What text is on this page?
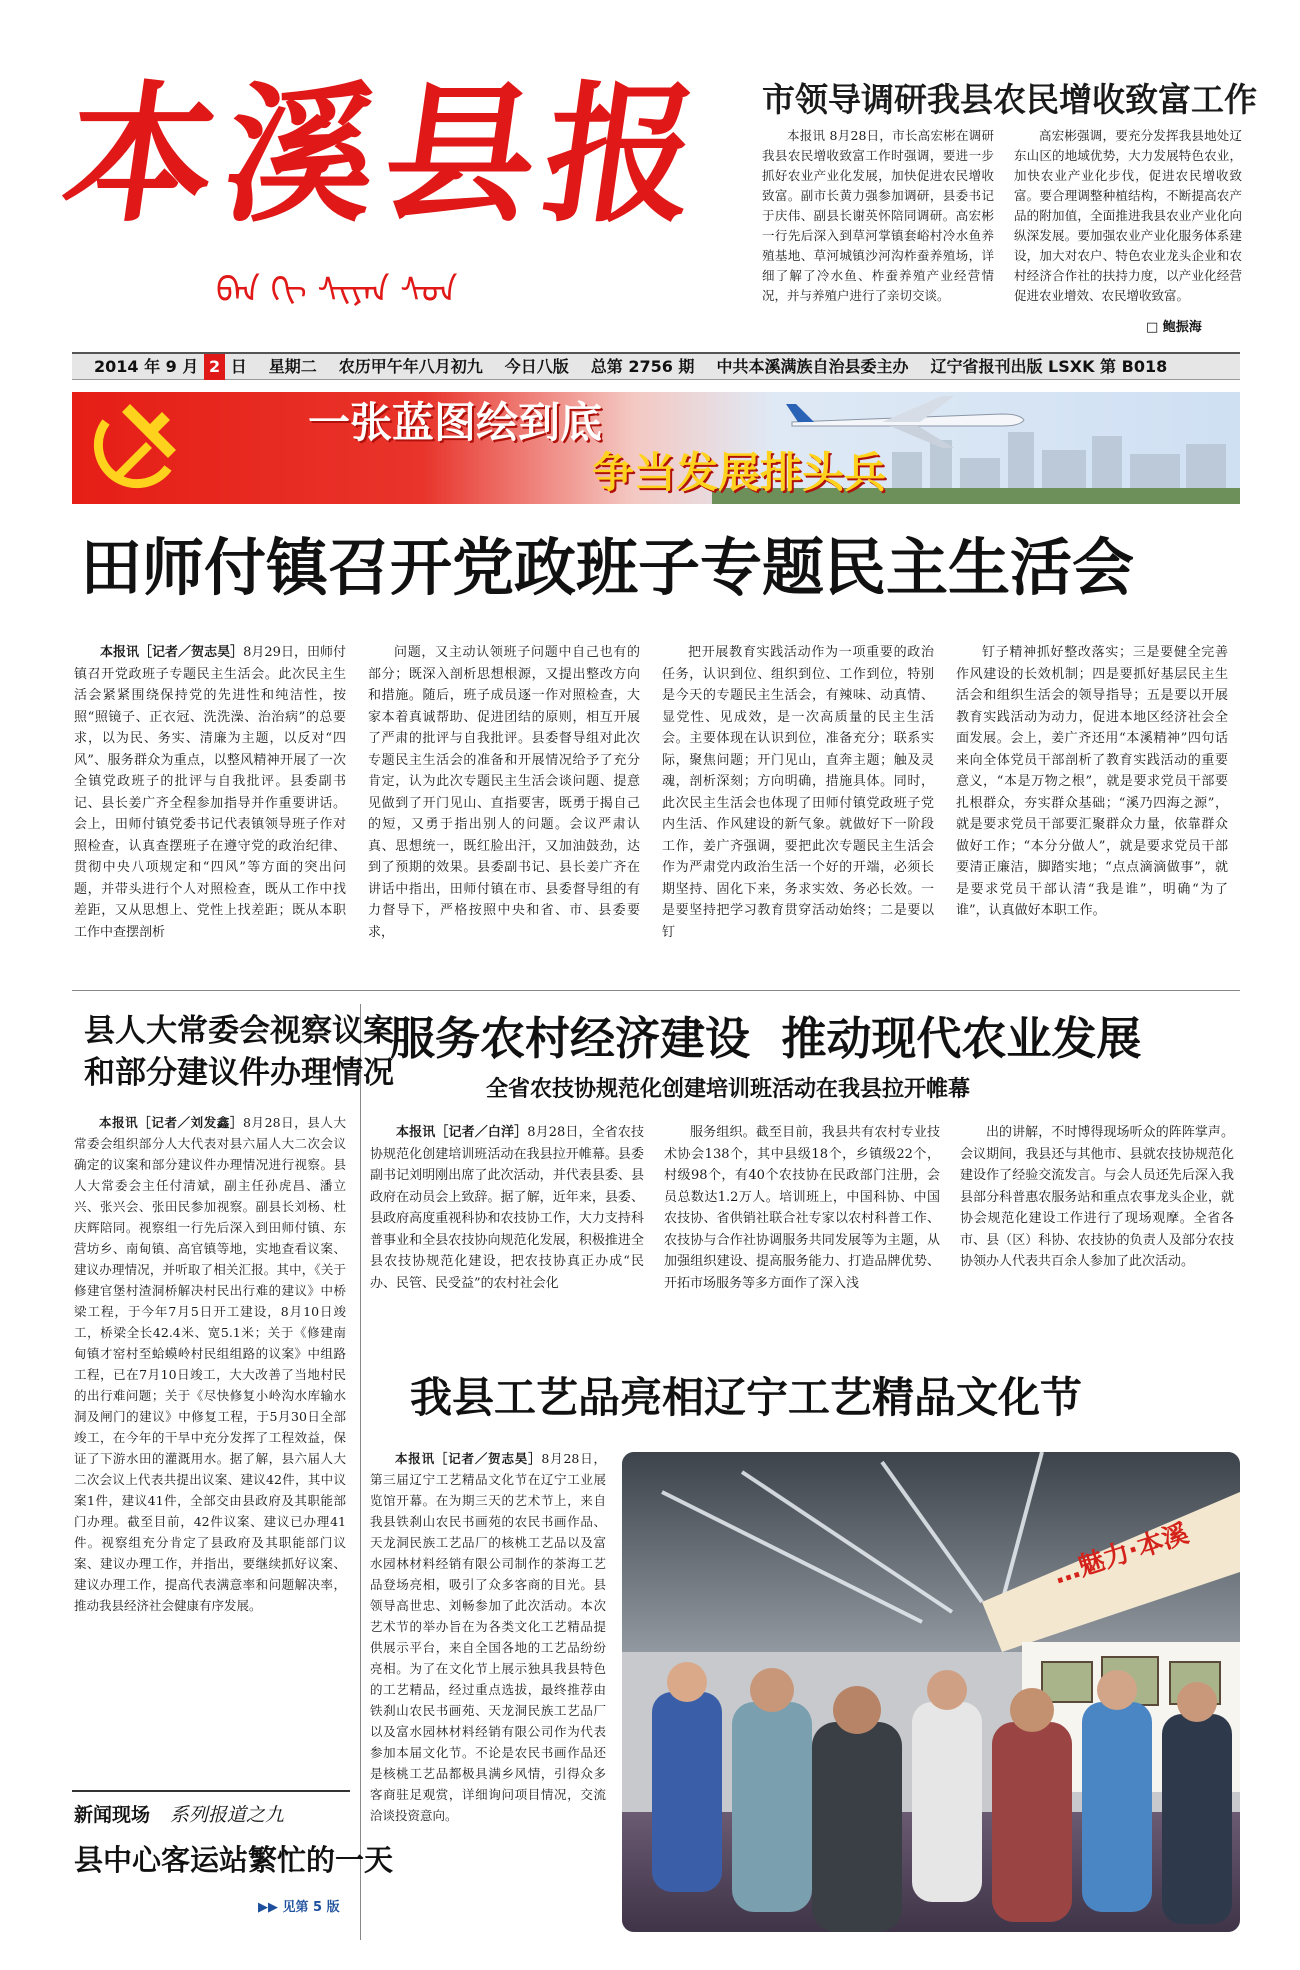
本溪县报
ᠪᠡᠨ ᠬᠢ ᠰᠢᠶᠠᠨ ᠰᠣᠨ
市领导调研我县农民增收致富工作

本报讯 8月28日，市长高宏彬在调研我县农民增收致富工作时强调，要进一步抓好农业产业化发展，加快促进农民增收致富。副市长黄力强参加调研，县委书记于庆伟、副县长谢英怀陪同调研。高宏彬一行先后深入到草河掌镇套峪村冷水鱼养殖基地、草河城镇沙河沟柞蚕养殖场，详细了解了冷水鱼、柞蚕养殖产业经营情况，并与养殖户进行了亲切交谈。

高宏彬强调，要充分发挥我县地处辽东山区的地域优势，大力发展特色农业，加快农业产业化步伐，促进农民增收致富。要合理调整种植结构，不断提高农产品的附加值，全面推进我县农业产业化向纵深发展。要加强农业产业化服务体系建设，加大对农户、特色农业龙头企业和农村经济合作社的扶持力度，以产业化经营促进农业增效、农民增收致富。

□ 鲍振海
2014 年 9 月 2 日 星期二 农历甲午年八月初九 今日八版 总第 2756 期 中共本溪满族自治县委主办 辽宁省报刊出版 LSXK 第 B018
一张蓝图绘到底
争当发展排头兵
田师付镇召开党政班子专题民主生活会

本报讯［记者／贺志昊］8月29日，田师付镇召开党政班子专题民主生活会。此次民主生活会紧紧围绕保持党的先进性和纯洁性，按照“照镜子、正衣冠、洗洗澡、治治病”的总要求，以为民、务实、清廉为主题，以反对“四风”、服务群众为重点，以整风精神开展了一次全镇党政班子的批评与自我批评。县委副书记、县长姜广齐全程参加指导并作重要讲话。会上，田师付镇党委书记代表镇领导班子作对照检查，认真查摆班子在遵守党的政治纪律、贯彻中央八项规定和“四风”等方面的突出问题，并带头进行个人对照检查，既从工作中找差距，又从思想上、党性上找差距；既从本职工作中查摆剖析

问题，又主动认领班子问题中自己也有的部分；既深入剖析思想根源，又提出整改方向和措施。随后，班子成员逐一作对照检查，大家本着真诚帮助、促进团结的原则，相互开展了严肃的批评与自我批评。县委督导组对此次专题民主生活会的准备和开展情况给予了充分肯定，认为此次专题民主生活会谈问题、提意见做到了开门见山、直指要害，既勇于揭自己的短，又勇于指出别人的问题。会议严肃认真、思想统一，既红脸出汗，又加油鼓劲，达到了预期的效果。县委副书记、县长姜广齐在讲话中指出，田师付镇在市、县委督导组的有力督导下，严格按照中央和省、市、县委要求，

把开展教育实践活动作为一项重要的政治任务，认识到位、组织到位、工作到位，特别是今天的专题民主生活会，有辣味、动真情、显党性、见成效，是一次高质量的民主生活会。主要体现在认识到位，准备充分；联系实际，聚焦问题；开门见山，直奔主题；触及灵魂，剖析深刻；方向明确，措施具体。同时，此次民主生活会也体现了田师付镇党政班子党内生活、作风建设的新气象。就做好下一阶段工作，姜广齐强调，要把此次专题民主生活会作为严肃党内政治生活一个好的开端，必须长期坚持、固化下来，务求实效、务必长效。一是要坚持把学习教育贯穿活动始终；二是要以钉

钉子精神抓好整改落实；三是要健全完善作风建设的长效机制；四是要抓好基层民主生活会和组织生活会的领导指导；五是要以开展教育实践活动为动力，促进本地区经济社会全面发展。会上，姜广齐还用“本溪精神”四句话来向全体党员干部剖析了教育实践活动的重要意义，“本是万物之根”，就是要求党员干部要扎根群众，夯实群众基础；“溪乃四海之源”，就是要求党员干部要汇聚群众力量，依靠群众做好工作；“本分分做人”，就是要求党员干部要清正廉洁，脚踏实地；“点点滴滴做事”，就是要求党员干部认清“我是谁”，明确“为了谁”，认真做好本职工作。

县人大常委会视察议案
和部分建议件办理情况

本报讯［记者／刘发鑫］8月28日，县人大常委会组织部分人大代表对县六届人大二次会议确定的议案和部分建议件办理情况进行视察。县人大常委会主任付清斌，副主任孙虎昌、潘立兴、张兴会、张田民参加视察。副县长刘杨、杜庆辉陪同。视察组一行先后深入到田师付镇、东营坊乡、南甸镇、高官镇等地，实地查看议案、建议办理情况，并听取了相关汇报。其中，《关于修建官堡村渣洞桥解决村民出行难的建议》中桥梁工程，于今年7月5日开工建设，8月10日竣工，桥梁全长42.4米、宽5.1米；关于《修建南甸镇才窑村至蛤蟆岭村民组组路的议案》中组路工程，已在7月10日竣工，大大改善了当地村民的出行难问题；关于《尽快修复小岭沟水库输水洞及闸门的建议》中修复工程，于5月30日全部竣工，在今年的干旱中充分发挥了工程效益，保证了下游水田的灌溉用水。据了解，县六届人大二次会议上代表共提出议案、建议42件，其中议案1件，建议41件，全部交由县政府及其职能部门办理。截至目前，42件议案、建议已办理41件。视察组充分肯定了县政府及其职能部门议案、建议办理工作，并指出，要继续抓好议案、建议办理工作，提高代表满意率和问题解决率，推动我县经济社会健康有序发展。

新闻现场 系列报道之九
县中心客运站繁忙的一天
▶▶ 见第 5 版
服务农村经济建设  推动现代农业发展
全省农技协规范化创建培训班活动在我县拉开帷幕

本报讯［记者／白洋］8月28日，全省农技协规范化创建培训班活动在我县拉开帷幕。县委副书记刘明刚出席了此次活动，并代表县委、县政府在动员会上致辞。据了解，近年来，县委、县政府高度重视科协和农技协工作，大力支持科普事业和全县农技协向规范化发展，积极推进全县农技协规范化建设，把农技协真正办成“民办、民管、民受益”的农村社会化

服务组织。截至目前，我县共有农村专业技术协会138个，其中县级18个，乡镇级22个，村级98个，有40个农技协在民政部门注册，会员总数达1.2万人。培训班上，中国科协、中国农技协、省供销社联合社专家以农村科普工作、农技协与合作社协调服务共同发展等为主题，从加强组织建设、提高服务能力、打造品牌优势、开拓市场服务等多方面作了深入浅

出的讲解，不时博得现场听众的阵阵掌声。会议期间，我县还与其他市、县就农技协规范化建设作了经验交流发言。与会人员还先后深入我县部分科普惠农服务站和重点农事龙头企业，就协会规范化建设工作进行了现场观摩。全省各市、县（区）科协、农技协的负责人及部分农技协领办人代表共百余人参加了此次活动。

我县工艺品亮相辽宁工艺精品文化节

本报讯［记者／贺志昊］8月28日，第三届辽宁工艺精品文化节在辽宁工业展览馆开幕。在为期三天的艺术节上，来自我县铁刹山农民书画苑的农民书画作品、天龙洞民族工艺品厂的核桃工艺品以及富水园林材料经销有限公司制作的茶海工艺品登场亮相，吸引了众多客商的目光。县领导高世忠、刘畅参加了此次活动。本次艺术节的举办旨在为各类文化工艺精品提供展示平台，来自全国各地的工艺品纷纷亮相。为了在文化节上展示独具我县特色的工艺精品，经过重点选拔，最终推荐由铁刹山农民书画苑、天龙洞民族工艺品厂以及富水园林材料经销有限公司作为代表参加本届文化节。不论是农民书画作品还是核桃工艺品都极具满乡风情，引得众多客商驻足观赏，详细询问项目情况，交流洽谈投资意向。

…魅力·本溪
